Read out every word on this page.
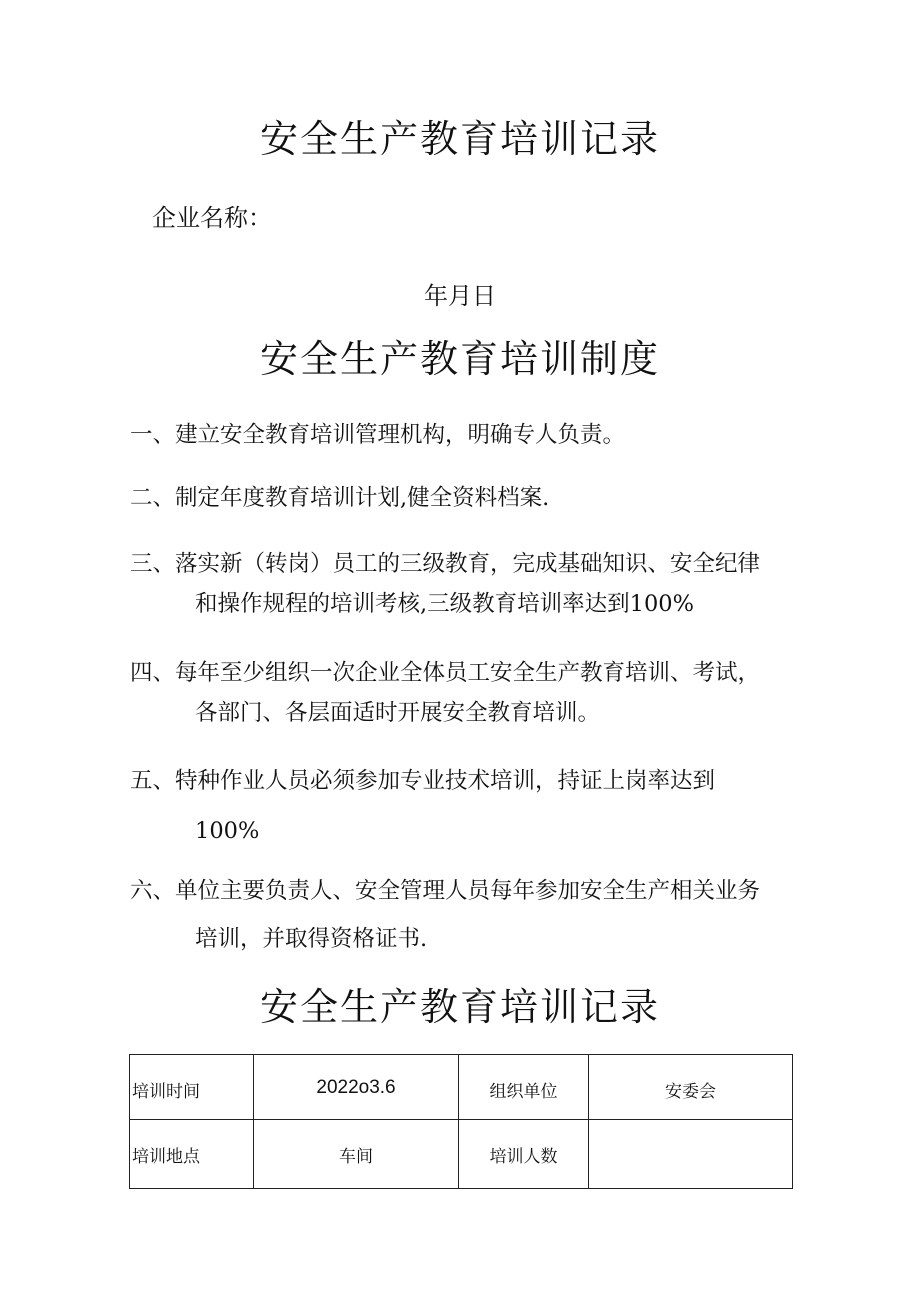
安全生产教育培训记录
企业名称：
年月日
安全生产教育培训制度
一、建立安全教育培训管理机构，明确专人负责。
二、制定年度教育培训计划,健全资料档案.
三、落实新（转岗）员工的三级教育，完成基础知识、安全纪律
和操作规程的培训考核,三级教育培训率达到100%
四、每年至少组织一次企业全体员工安全生产教育培训、考试，
各部门、各层面适时开展安全教育培训。
五、特种作业人员必须参加专业技术培训，持证上岗率达到
100%
六、单位主要负责人、安全管理人员每年参加安全生产相关业务
培训，并取得资格证书.
安全生产教育培训记录
培训时间	2022o3.6	组织单位	安委会
培训地点	车间	培训人数	
